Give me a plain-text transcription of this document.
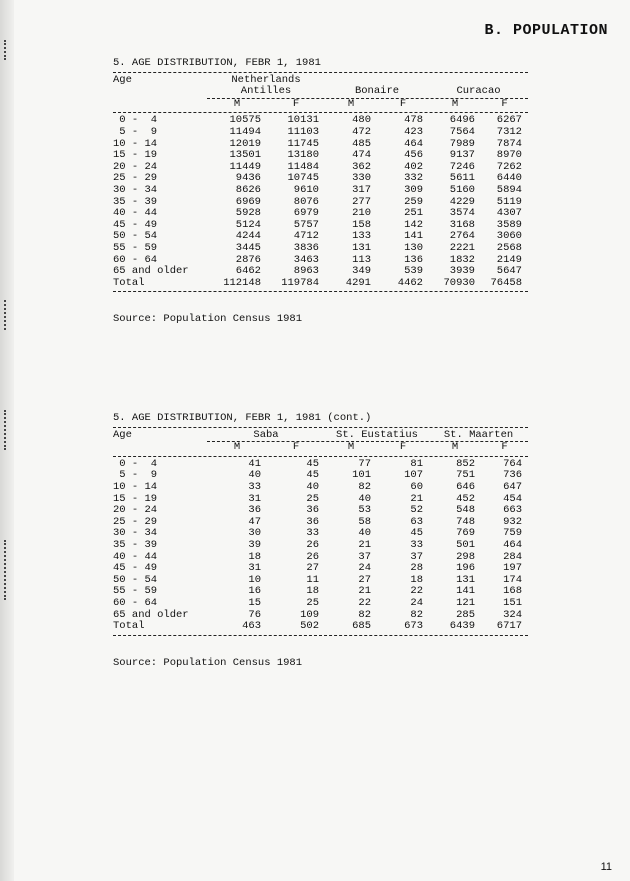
B. POPULATION
5. AGE DISTRIBUTION, FEBR 1, 1981
Age	Netherlands					
	Antilles		Bonaire		Curacao	

	M	F	M	F	M	F

0 -  4	10575	10131	480	478	6496	6267
5 -  9	11494	11103	472	423	7564	7312
10 - 14	12019	11745	485	464	7989	7874
15 - 19	13501	13180	474	456	9137	8970
20 - 24	11449	11484	362	402	7246	7262
25 - 29	9436	10745	330	332	5611	6440
30 - 34	8626	9610	317	309	5160	5894
35 - 39	6969	8076	277	259	4229	5119
40 - 44	5928	6979	210	251	3574	4307
45 - 49	5124	5757	158	142	3168	3589
50 - 54	4244	4712	133	141	2764	3060
55 - 59	3445	3836	131	130	2221	2568
60 - 64	2876	3463	113	136	1832	2149
65 and older	6462	8963	349	539	3939	5647
Total	112148	119784	4291	4462	70930	76458
Source: Population Census 1981
5. AGE DISTRIBUTION, FEBR 1, 1981 (cont.)
Age	Saba		St. Eustatius		St. Maarten	

	M	F	M	F	M	F

0 -  4	41	45	77	81	852	764
5 -  9	40	45	101	107	751	736
10 - 14	33	40	82	60	646	647
15 - 19	31	25	40	21	452	454
20 - 24	36	36	53	52	548	663
25 - 29	47	36	58	63	748	932
30 - 34	30	33	40	45	769	759
35 - 39	39	26	21	33	501	464
40 - 44	18	26	37	37	298	284
45 - 49	31	27	24	28	196	197
50 - 54	10	11	27	18	131	174
55 - 59	16	18	21	22	141	168
60 - 64	15	25	22	24	121	151
65 and older	76	109	82	82	285	324
Total	463	502	685	673	6439	6717
Source: Population Census 1981
11
